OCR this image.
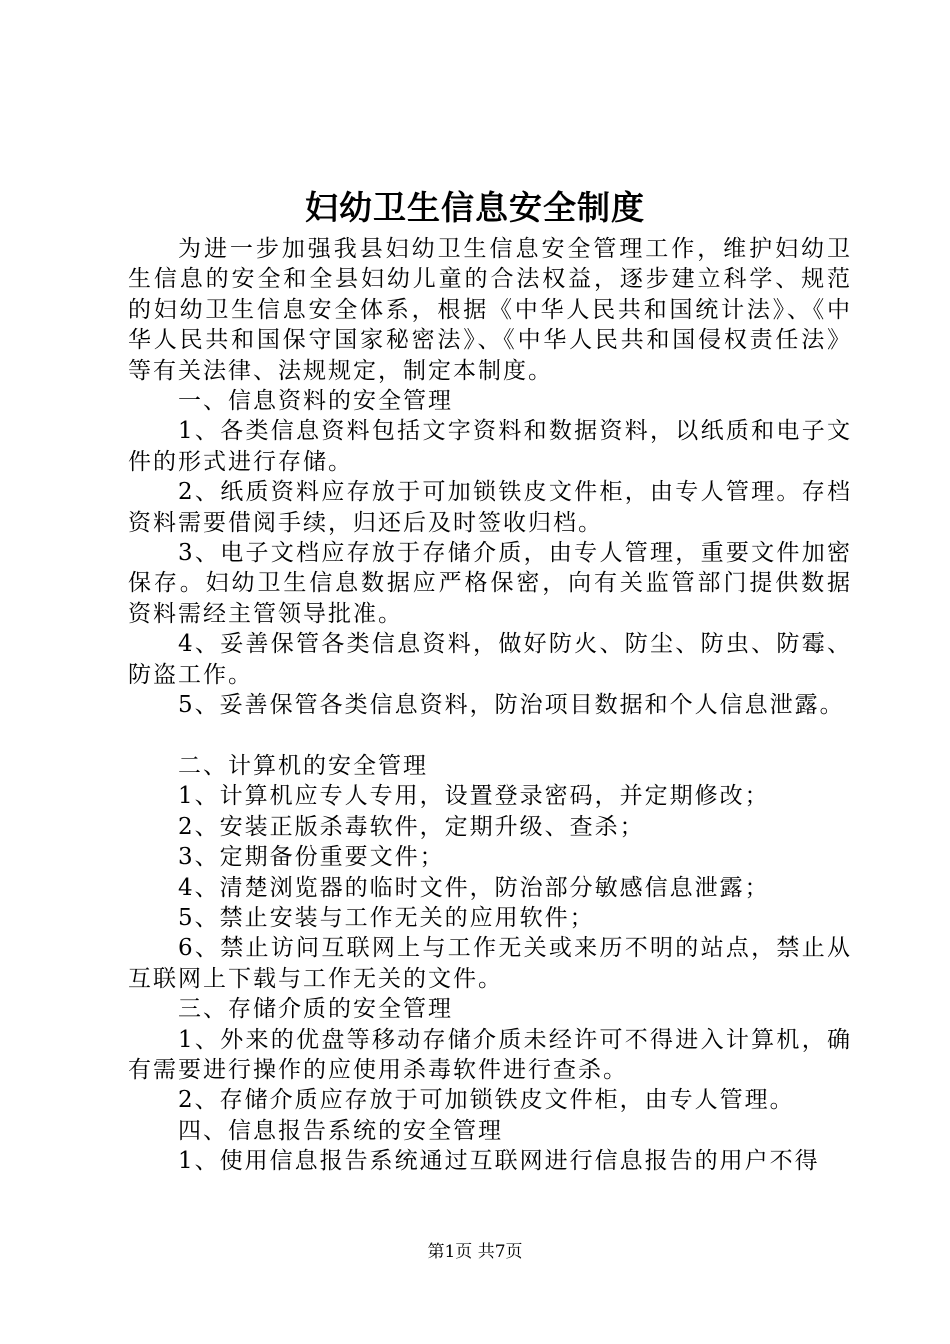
妇幼卫生信息安全制度

为进一步加强我县妇幼卫生信息安全管理工作，维护妇幼卫生信息的安全和全县妇幼儿童的合法权益，逐步建立科学、规范的妇幼卫生信息安全体系，根据《中华人民共和国统计法》、《中华人民共和国保守国家秘密法》、《中华人民共和国侵权责任法》等有关法律、法规规定，制定本制度。

一、信息资料的安全管理

1、各类信息资料包括文字资料和数据资料，以纸质和电子文件的形式进行存储。

2、纸质资料应存放于可加锁铁皮文件柜，由专人管理。存档资料需要借阅手续，归还后及时签收归档。

3、电子文档应存放于存储介质，由专人管理，重要文件加密保存。妇幼卫生信息数据应严格保密，向有关监管部门提供数据资料需经主管领导批准。

4、妥善保管各类信息资料，做好防火、防尘、防虫、防霉、防盗工作。

5、妥善保管各类信息资料，防治项目数据和个人信息泄露。

二、计算机的安全管理

1、计算机应专人专用，设置登录密码，并定期修改；

2、安装正版杀毒软件，定期升级、查杀；

3、定期备份重要文件；

4、清楚浏览器的临时文件，防治部分敏感信息泄露；

5、禁止安装与工作无关的应用软件；

6、禁止访问互联网上与工作无关或来历不明的站点，禁止从互联网上下载与工作无关的文件。

三、存储介质的安全管理

1、外来的优盘等移动存储介质未经许可不得进入计算机，确有需要进行操作的应使用杀毒软件进行查杀。

2、存储介质应存放于可加锁铁皮文件柜，由专人管理。

四、信息报告系统的安全管理

1、使用信息报告系统通过互联网进行信息报告的用户不得

第1页 共7页
